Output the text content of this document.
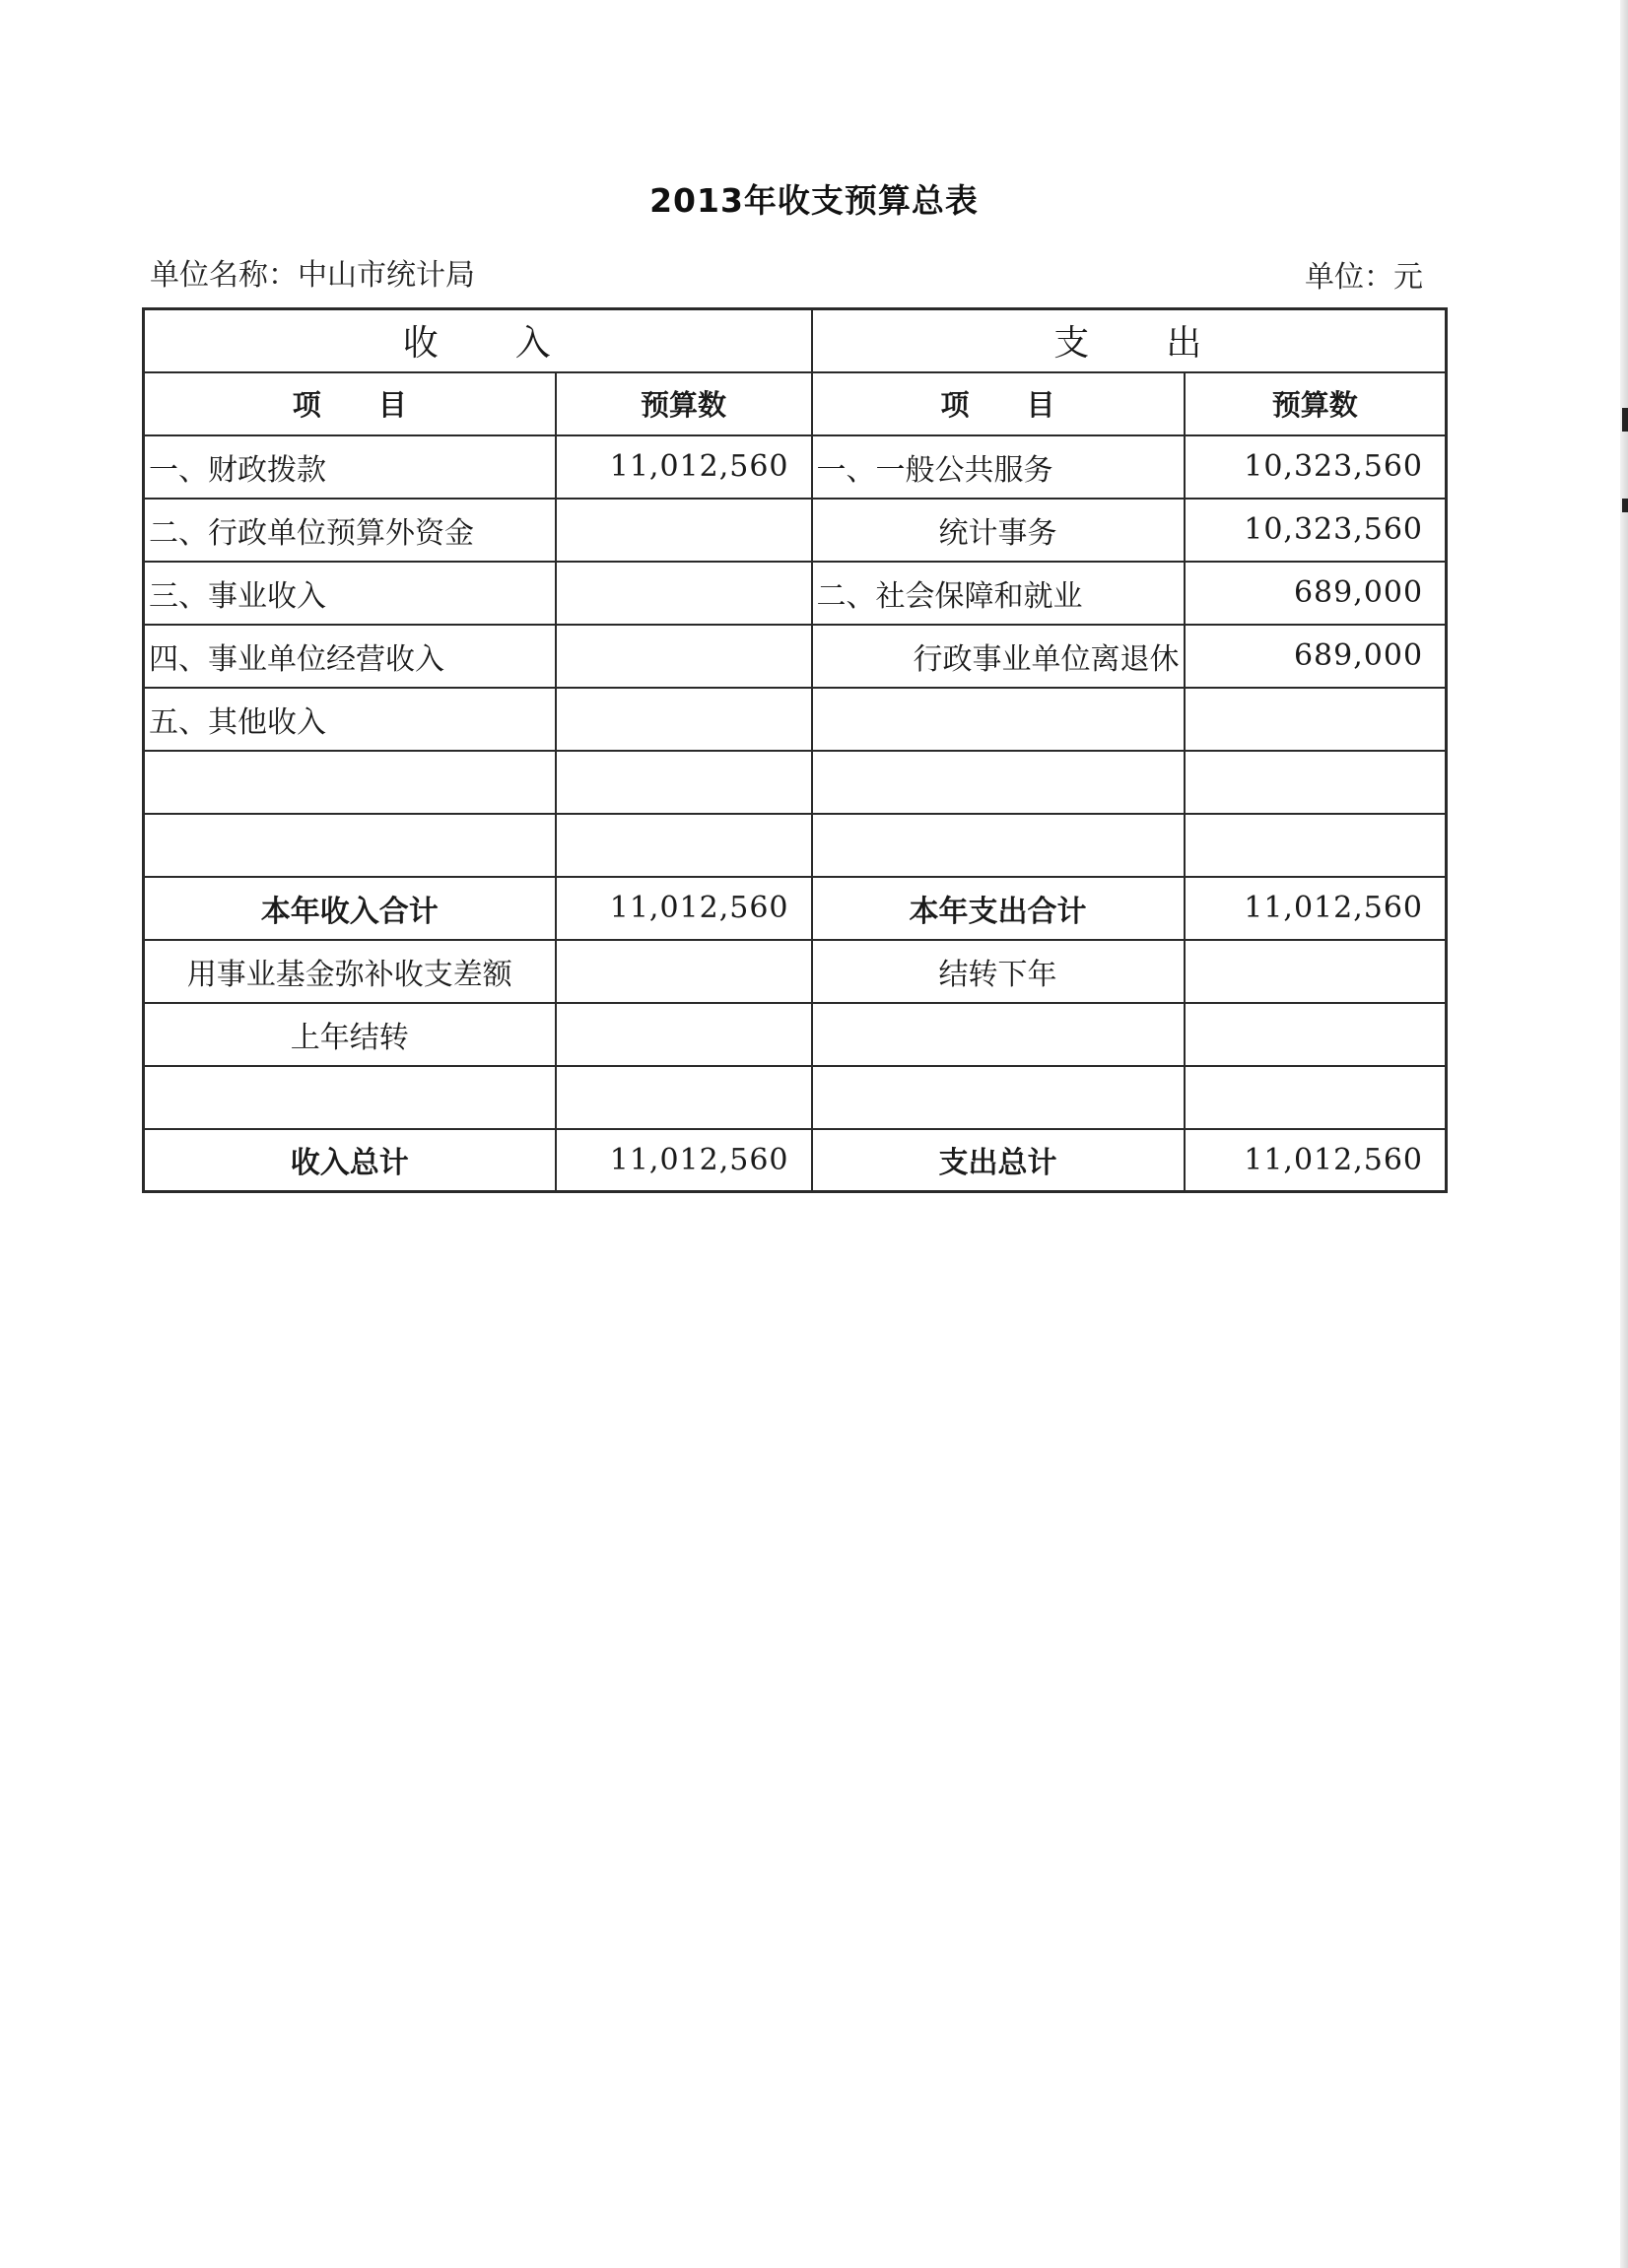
2013年收支预算总表
单位名称：中山市统计局	单位：元
收　　入		支　　出	
项　　目	预算数	项　　目	预算数
一、财政拨款	11,012,560	一、一般公共服务	10,323,560
二、行政单位预算外资金		统计事务	10,323,560
三、事业收入		二、社会保障和就业	689,000
四、事业单位经营收入		行政事业单位离退休	689,000
五、其他收入			

本年收入合计	11,012,560	本年支出合计	11,012,560
用事业基金弥补收支差额		结转下年	
上年结转			

收入总计	11,012,560	支出总计	11,012,560
